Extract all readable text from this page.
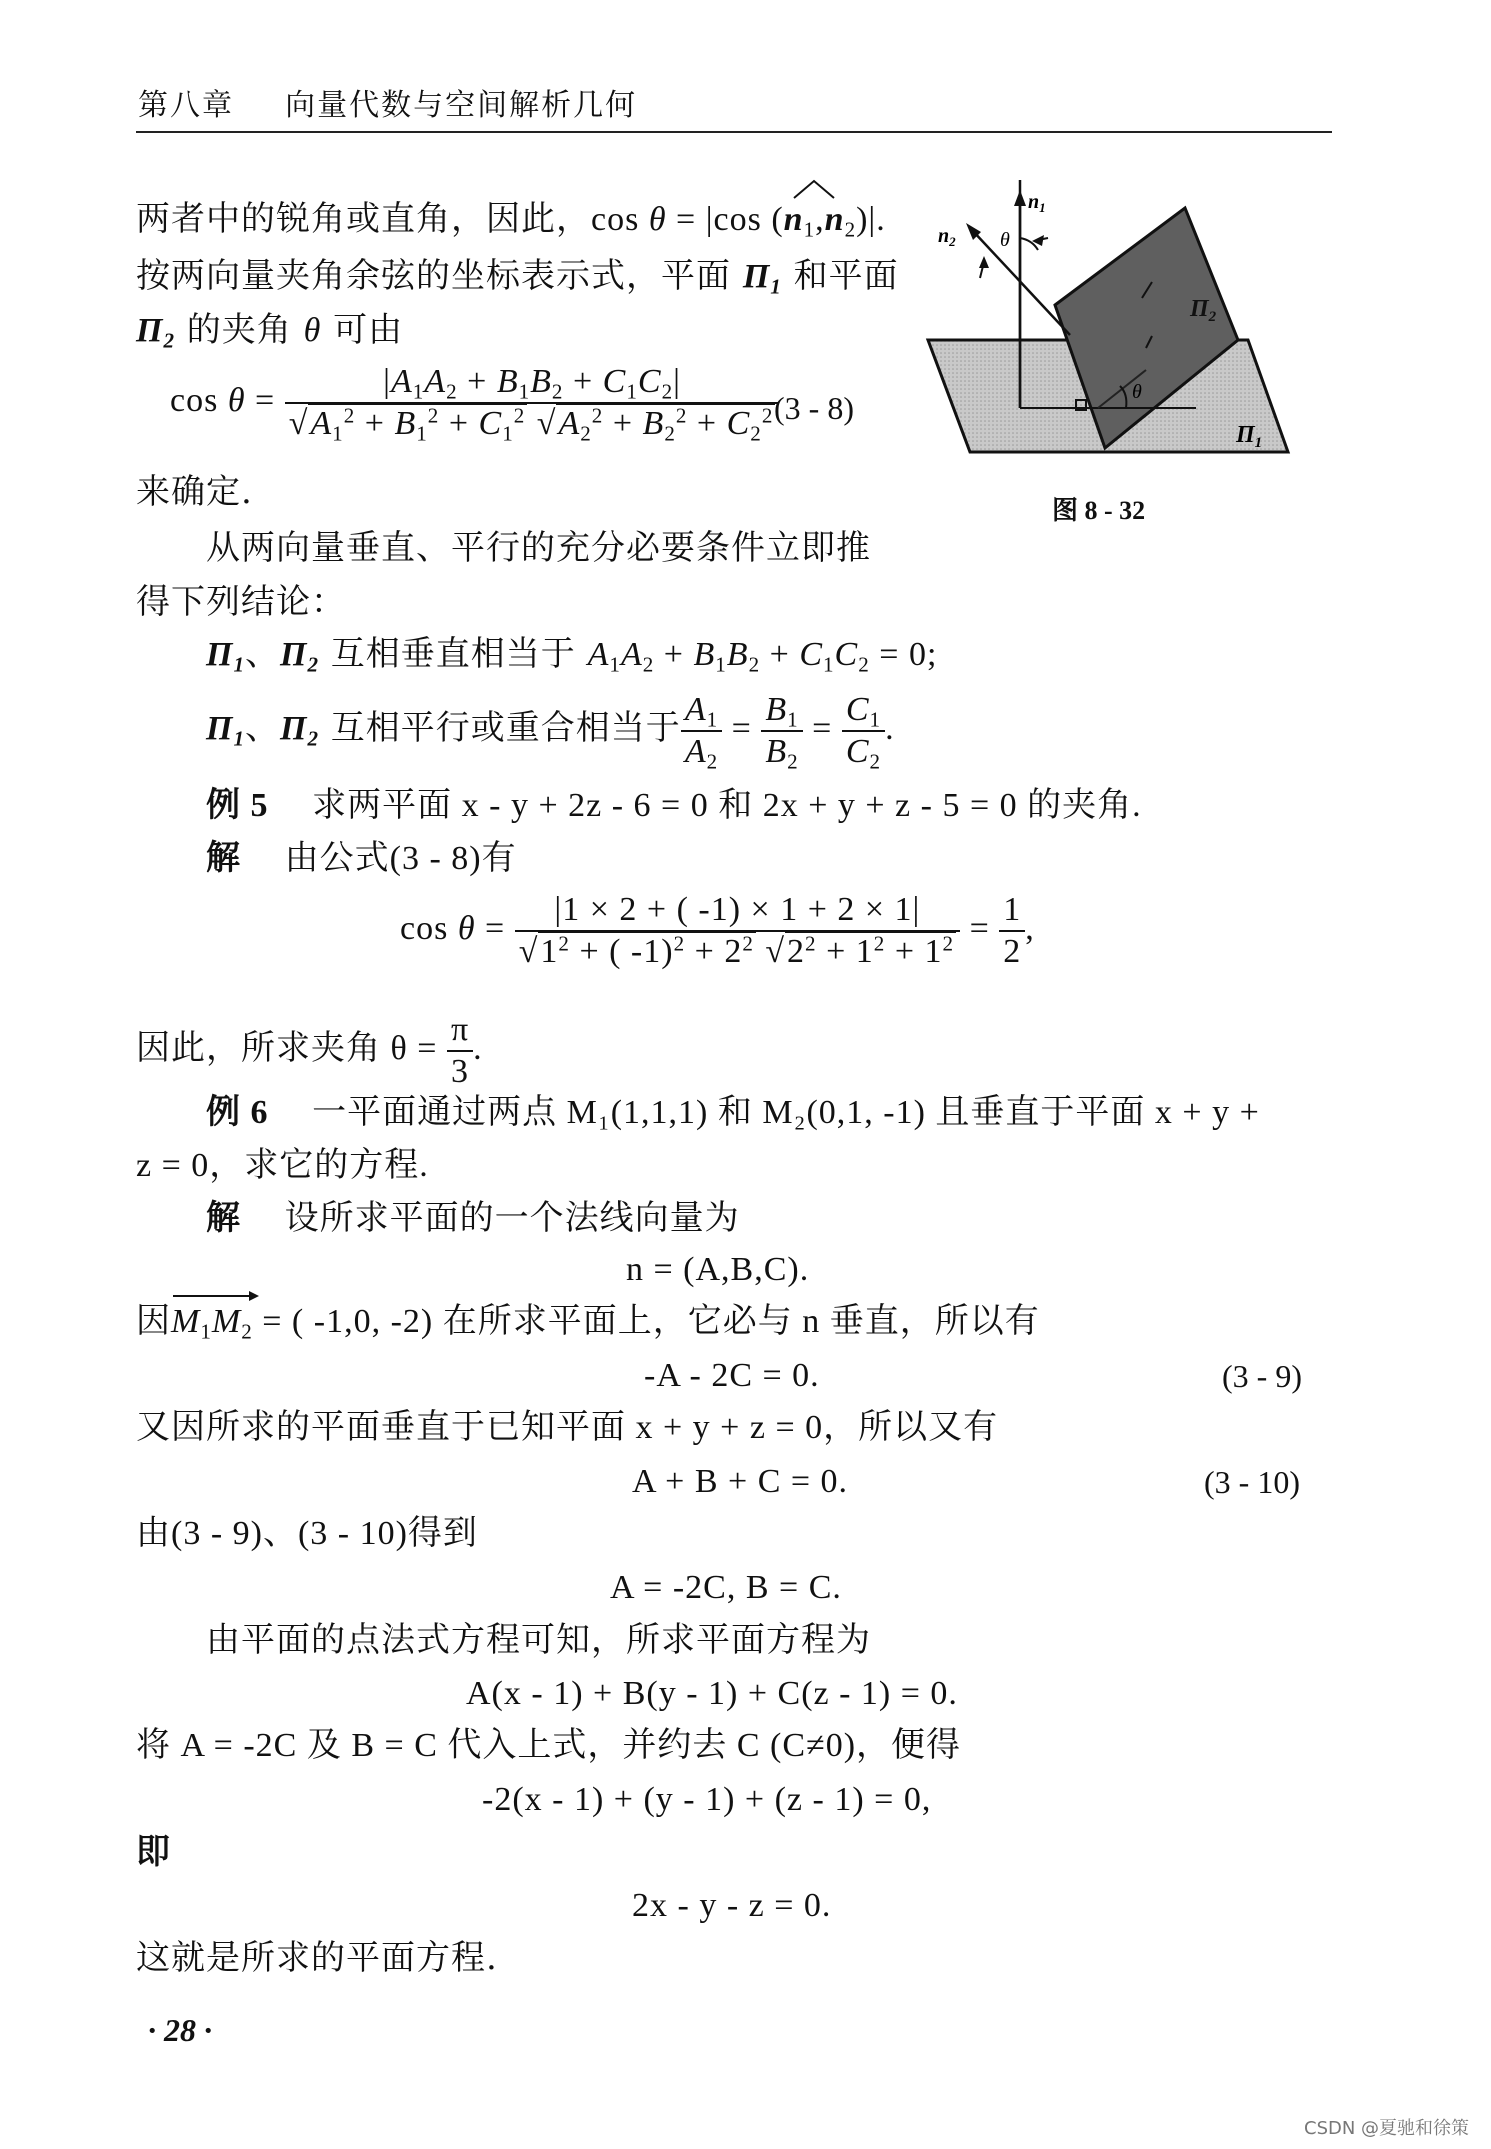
第八章 向量代数与空间解析几何
$n_1$
$n_2$ θ
θ
$\Pi_2$
$\Pi_1$
图 8 - 32
两者中的锐角或直角，因此，cos θ = |cos (
$n_1,n_2)|$.
按两向量夹角余弦的坐标表示式，平面 $\Pi_1$ 和平面
$\Pi_2$ 的夹角 θ 可由
$\cos \theta = \frac{|A_1A_2 + B_1B_2 + C_1C_2|}{√A_1^2 + B_1^2 + C_1^2 √A_2^2 + B_2^2 + C_2^2}$
(3 - 8)
来确定.
从两向量垂直、平行的充分必要条件立即推
得下列结论：
$\Pi_1$、$\Pi_2$ 互相垂直相当于 $A_1A_2 + B_1B_2 + C_1C_2 = 0$;
$\Pi_1$、$\Pi_2$ 互相平行或重合相当于 $\frac{A_1}{A_2} = \frac{B_1}{B_2} = \frac{C_1}{C_2}$ .
例 5 求两平面 x - y + 2z - 6 = 0 和 2x + y + z - 5 = 0 的夹角.
解 由公式(3 - 8)有
$\cos \theta = \frac{|1 \times 2 + ( -1) \times 1 + 2 \times 1|}{√1^2 + ( -1)^2 + 2^2 √2^2 + 1^2 + 1^2} = \frac{1}{2}$ ,
因此，所求夹角 $\theta = \frac{\pi}{3}$ .
例 6 一平面通过两点 M₁(1,1,1) 和 M₂(0,1, -1) 且垂直于平面 x + y +
z = 0，求它的方程.
解 设所求平面的一个法线向量为
n = (A,B,C).
因
$M_1M_2$ = ( -1,0, -2) 在所求平面上，它必与 n 垂直，所以有
-A - 2C = 0.	(3 - 9)
又因所求的平面垂直于已知平面 x + y + z = 0，所以又有
A + B + C = 0.	(3 - 10)
由(3 - 9)、(3 - 10)得到
A = -2C, B = C.
由平面的点法式方程可知，所求平面方程为
A(x - 1) + B(y - 1) + C(z - 1) = 0.
将 A = -2C 及 B = C 代入上式，并约去 C (C≠0)，便得
-2(x - 1) + (y - 1) + (z - 1) = 0,
即
2x - y - z = 0.
这就是所求的平面方程.
· 28 ·
CSDN @夏驰和徐策
